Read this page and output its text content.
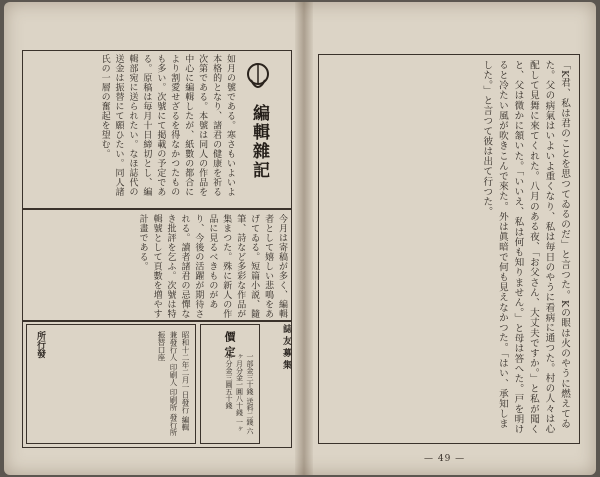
編輯雜記
如月の號である。寒さもいよいよ本格的となり、諸君の健康を祈る次第である。本號は同人の作品を中心に編輯したが、紙數の都合により割愛せざるを得なかつたものも多い。次號にて掲載の予定である。原稿は毎月十日締切とし、編輯部宛に送られたい。なほ誌代の送金は振替にて願ひたい。同人諸氏の一層の奮起を望む。
今月は寄稿が多く、編輯者として嬉しい悲鳴をあげてゐる。短篇小説、隨筆、詩など多彩な作品が集まつた。殊に新人の作品に見るべきものがあり、今後の活躍が期待される。讀者諸君の忌憚なき批評を乞ふ。次號は特輯號として頁數を増やす計畫である。
所行發	昭和十二年二月一日發行 編輯兼發行人 印刷人 印刷所 發行所 振替口座	價定
一部金三十錢 送料二錢 六ヶ月分金一圓八十錢 一ヶ年分金三圓五十錢
誌友募集	「K君、私は君のことを思つてゐるのだ」と言つた。Kの眼は火のやうに燃えてゐた。父の病氣はいよいよ重くなり、私は毎日のやうに看病に通つた。村の人々は心配して見舞に來てくれた。八月のある夜、「お父さん、大丈夫ですか。」と私が聞くと、父は微かに頷いた。「いいえ、私は何も知りません。」と母は答へた。戸を明けると冷たい風が吹きこんで來た。外は眞暗で何も見えなかつた。「はい、承知しました。」と言つて彼は出て行つた。
— 49 —
